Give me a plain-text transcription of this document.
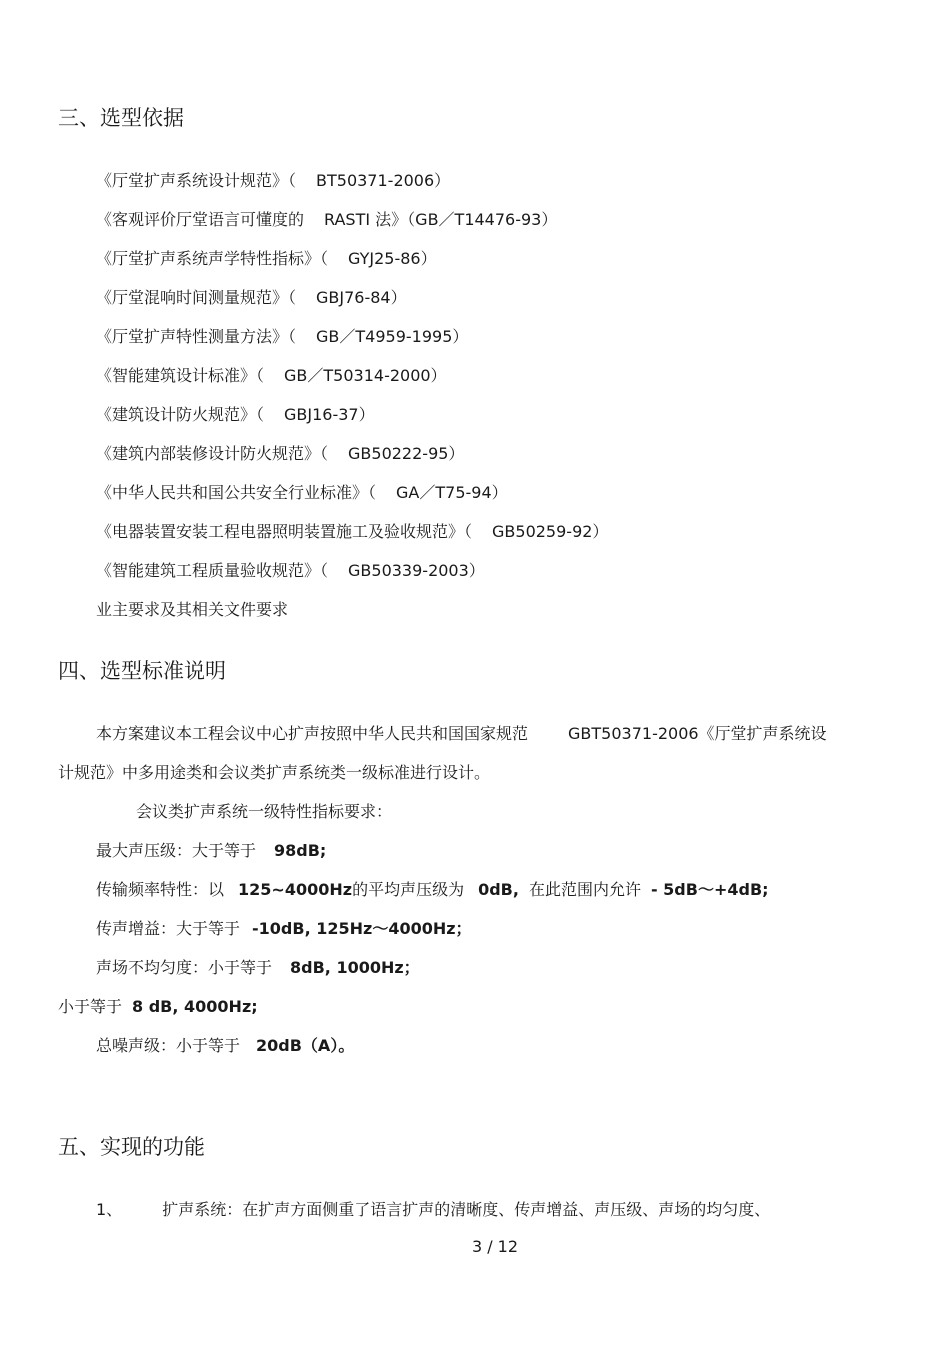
三、选型依据
《厅堂扩声系统设计规范》（ BT50371-2006）
《客观评价厅堂语言可懂度的 RASTI 法》（GB／T14476-93）
《厅堂扩声系统声学特性指标》（ GYJ25-86）
《厅堂混响时间测量规范》（ GBJ76-84）
《厅堂扩声特性测量方法》（ GB／T4959-1995）
《智能建筑设计标准》（ GB／T50314-2000）
《建筑设计防火规范》（ GBJ16-37）
《建筑内部装修设计防火规范》（ GB50222-95）
《中华人民共和国公共安全行业标准》（ GA／T75-94）
《电器装置安装工程电器照明装置施工及验收规范》（ GB50259-92）
《智能建筑工程质量验收规范》（ GB50339-2003）
业主要求及其相关文件要求
四、选型标准说明
本方案建议本工程会议中心扩声按照中华人民共和国国家规范	GBT50371-2006《厅堂扩声系统设
计规范》中多用途类和会议类扩声系统类一级标准进行设计。
会议类扩声系统一级特性指标要求：
最大声压级：大于等于 98dB;
传输频率特性：以 125~4000Hz的平均声压级为 0dB, 在此范围内允许 - 5dB～+4dB;
传声增益：大于等于 -10dB, 125Hz～4000Hz；
声场不均匀度：小于等于 8dB, 1000Hz；
小于等于 8 dB, 4000Hz;
总噪声级：小于等于 20dB（A）。
五、实现的功能
1、	扩声系统：在扩声方面侧重了语言扩声的清晰度、传声增益、声压级、声场的均匀度、
3 / 12
